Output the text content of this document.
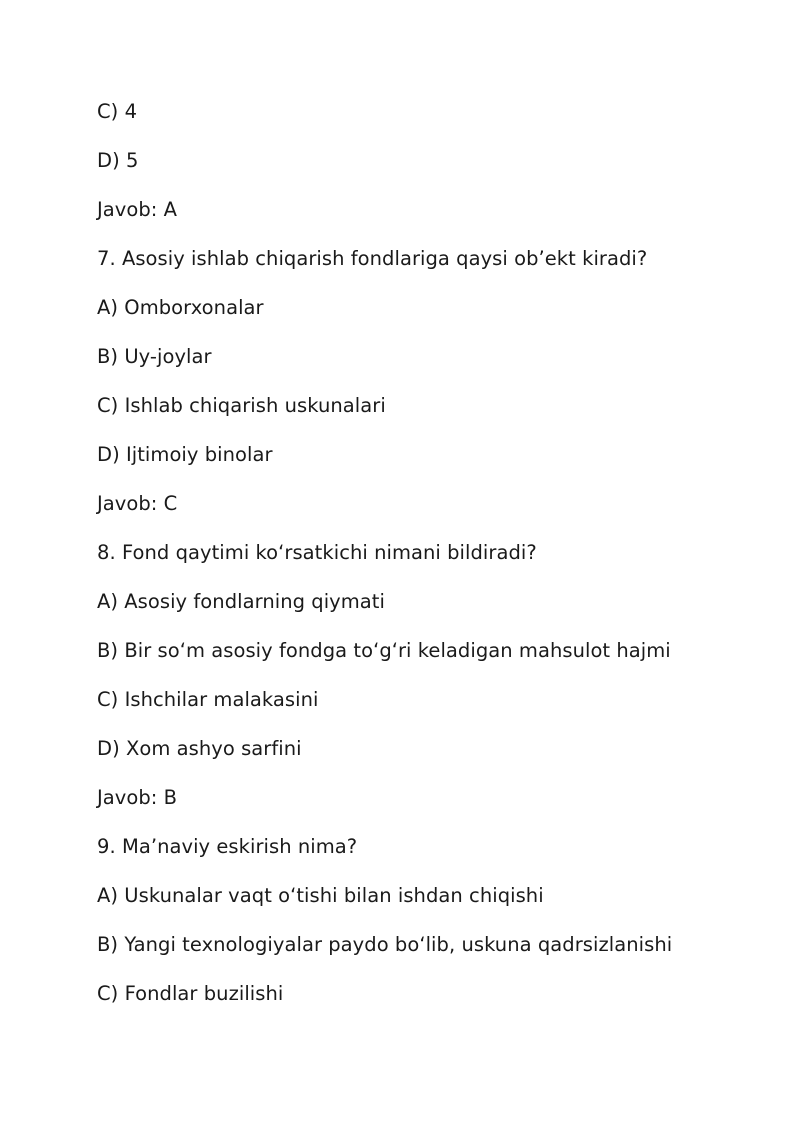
C) 4
D) 5
Javob: A
7. Asosiy ishlab chiqarish fondlariga qaysi ob’ekt kiradi?
A) Omborxonalar
B) Uy-joylar
C) Ishlab chiqarish uskunalari
D) Ijtimoiy binolar
Javob: C
8. Fond qaytimi ko‘rsatkichi nimani bildiradi?
A) Asosiy fondlarning qiymati
B) Bir so‘m asosiy fondga to‘g‘ri keladigan mahsulot hajmi
C) Ishchilar malakasini
D) Xom ashyo sarfini
Javob: B
9. Ma’naviy eskirish nima?
A) Uskunalar vaqt o‘tishi bilan ishdan chiqishi
B) Yangi texnologiyalar paydo bo‘lib, uskuna qadrsizlanishi
C) Fondlar buzilishi
